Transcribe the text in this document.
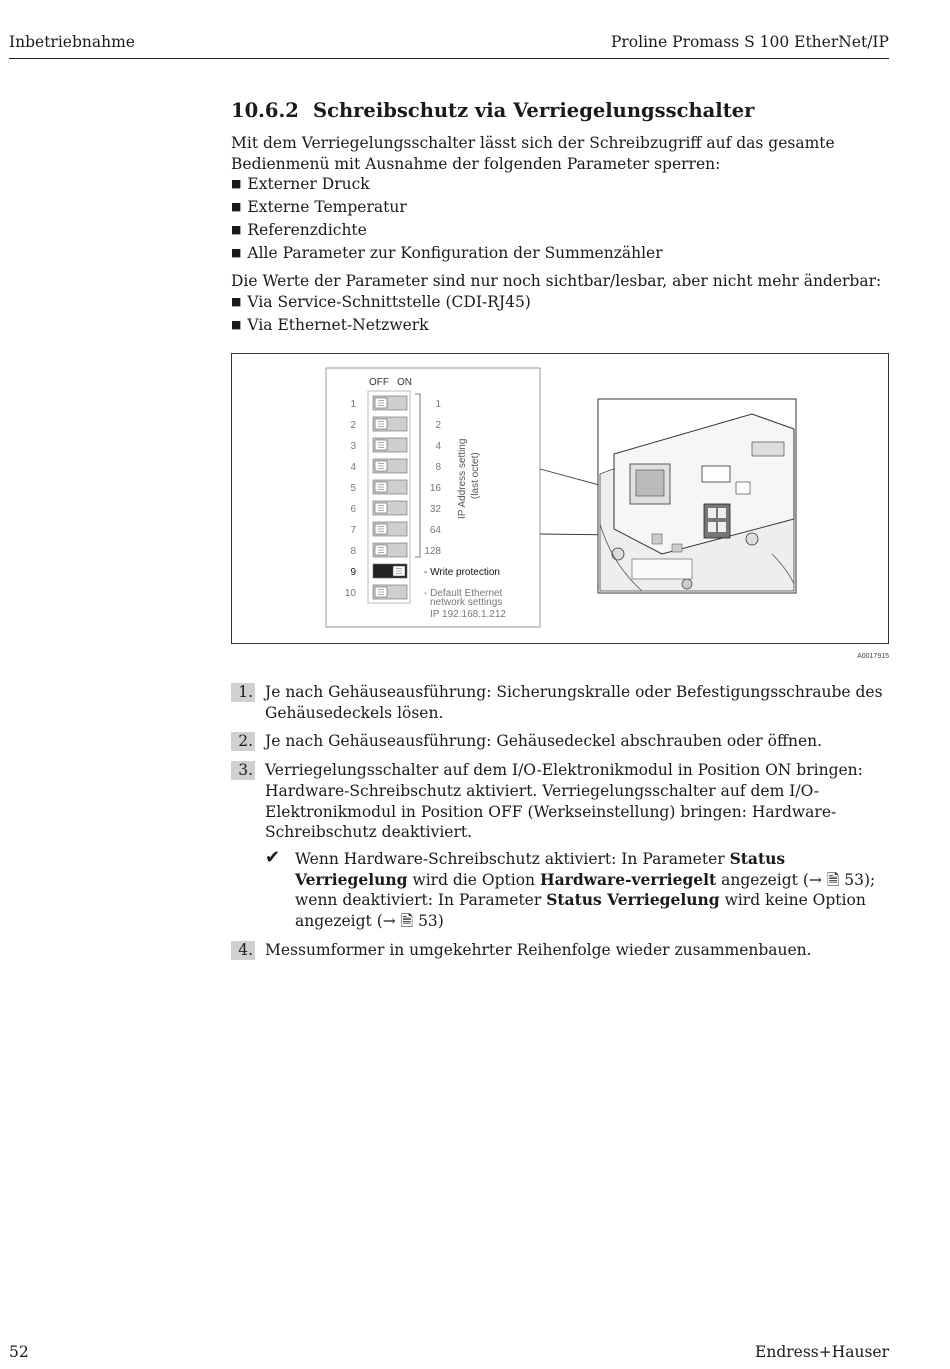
Inbetriebnahme	Proline Promass S 100 EtherNet/IP
10.6.2 Schreibschutz via Verriegelungsschalter

Mit dem Verriegelungsschalter lässt sich der Schreibzugriff auf das gesamte Bedienmenü mit Ausnahme der folgenden Parameter sperren:

■ Externer Druck
■ Externe Temperatur
■ Referenzdichte
■ Alle Parameter zur Konfiguration der Summenzähler

Die Werte der Parameter sind nur noch sichtbar/lesbar, aber nicht mehr änderbar:

■ Via Service-Schnittstelle (CDI-RJ45)
■ Via Ethernet-Netzwerk
OFF ON
1	1
2	2
3	4
4	8
5	16
6	32
7	64
8	128
9	- Write protection
10	- Default Ethernet
IP Address setting (last octet)
network settings
IP 192.168.1.212
A0017915
1. Je nach Gehäuseausführung: Sicherungskralle oder Befestigungsschraube des Gehäusedeckels lösen.
2. Je nach Gehäuseausführung: Gehäusedeckel abschrauben oder öffnen.
3. Verriegelungsschalter auf dem I/O-Elektronikmodul in Position ON bringen: Hardware-Schreibschutz aktiviert. Verriegelungsschalter auf dem I/O-Elektronikmodul in Position OFF (Werkseinstellung) bringen: Hardware-Schreibschutz deaktiviert.
✔ Wenn Hardware-Schreibschutz aktiviert: In Parameter Status Verriegelung wird die Option Hardware-verriegelt angezeigt (→ 🗎 53); wenn deaktiviert: In Parameter Status Verriegelung wird keine Option angezeigt (→ 🗎 53)
4. Messumformer in umgekehrter Reihenfolge wieder zusammenbauen.
52	Endress+Hauser
